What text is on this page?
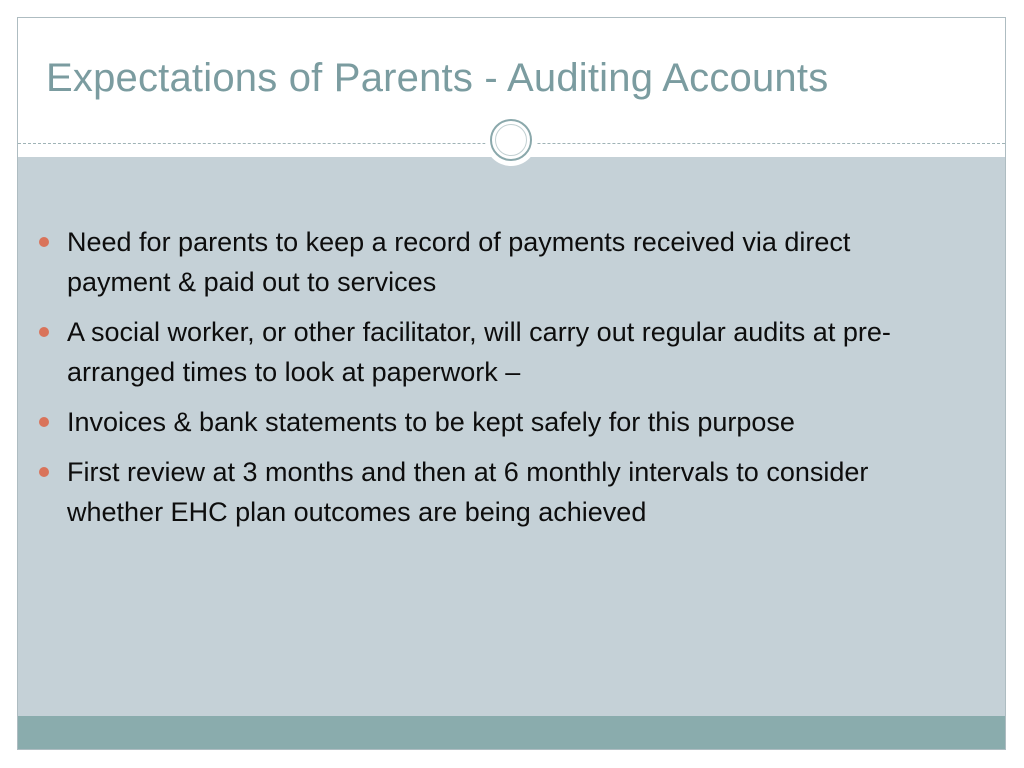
Expectations of Parents - Auditing Accounts
Need for parents to keep a record of payments received via direct payment & paid out to services
A social worker, or other facilitator, will carry out regular audits at pre-arranged times to look at paperwork –
Invoices & bank statements to be kept safely for this purpose
First review at 3 months and then at 6 monthly intervals to consider whether EHC plan outcomes are being achieved
